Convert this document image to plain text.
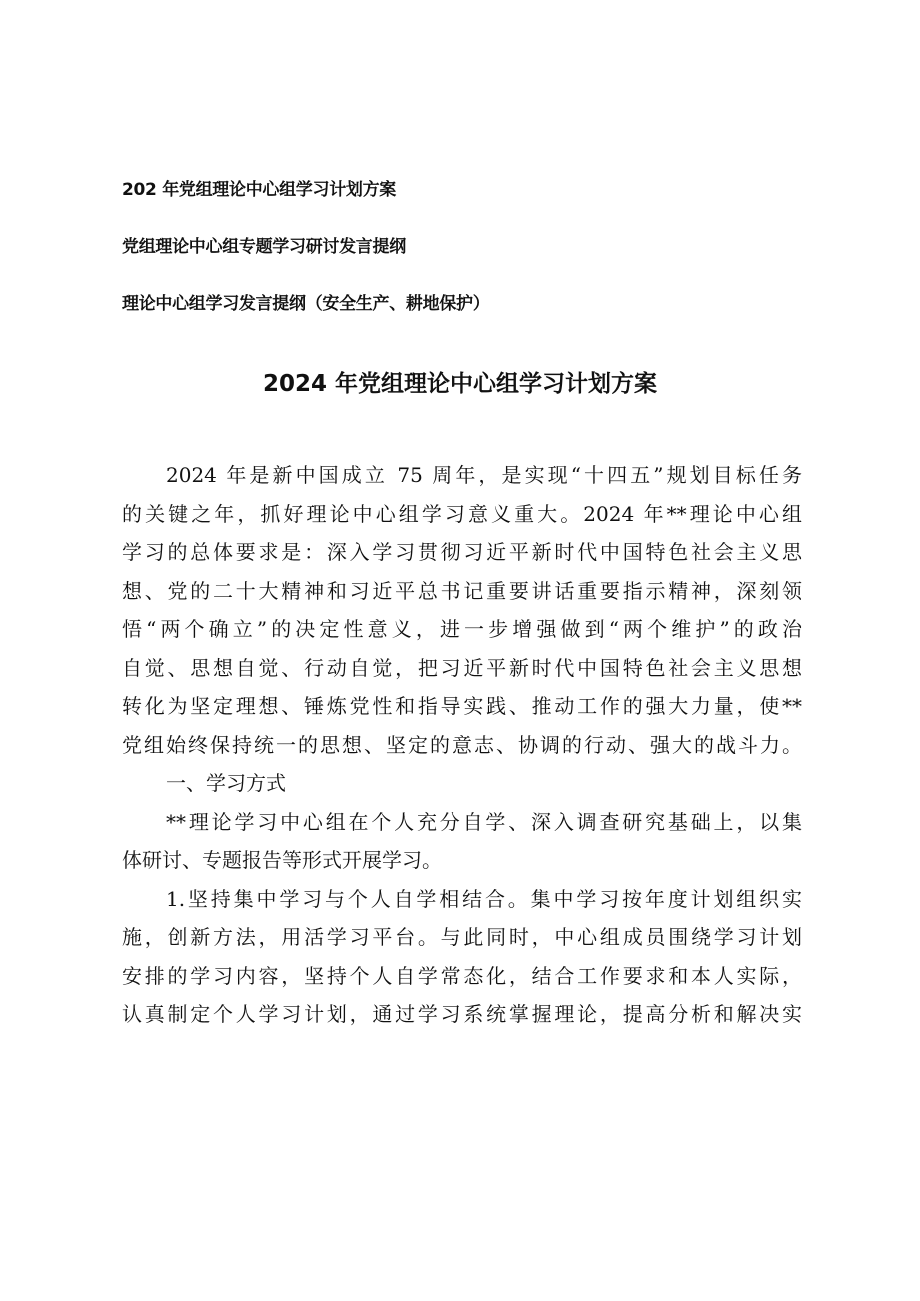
202 年党组理论中心组学习计划方案
党组理论中心组专题学习研讨发言提纲
理论中心组学习发言提纲（安全生产、耕地保护）
2024 年党组理论中心组学习计划方案
2024 年是新中国成立 75 周年，是实现“十四五”规划目标任务
的关键之年，抓好理论中心组学习意义重大。2024 年**理论中心组
学习的总体要求是：深入学习贯彻习近平新时代中国特色社会主义思
想、党的二十大精神和习近平总书记重要讲话重要指示精神，深刻领
悟“两个确立”的决定性意义，进一步增强做到“两个维护”的政治
自觉、思想自觉、行动自觉，把习近平新时代中国特色社会主义思想
转化为坚定理想、锤炼党性和指导实践、推动工作的强大力量，使**
党组始终保持统一的思想、坚定的意志、协调的行动、强大的战斗力。
一、学习方式
**理论学习中心组在个人充分自学、深入调查研究基础上，以集
体研讨、专题报告等形式开展学习。
1.坚持集中学习与个人自学相结合。集中学习按年度计划组织实
施，创新方法，用活学习平台。与此同时，中心组成员围绕学习计划
安排的学习内容，坚持个人自学常态化，结合工作要求和本人实际，
认真制定个人学习计划，通过学习系统掌握理论，提高分析和解决实
